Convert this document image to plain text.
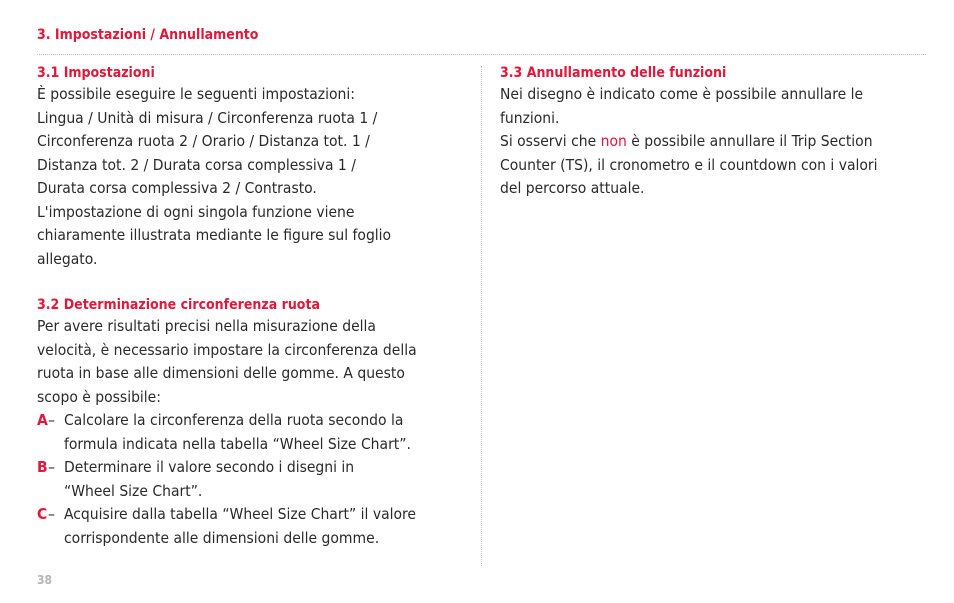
3. Impostazioni / Annullamento
3.1 Impostazioni

È possibile eseguire le seguenti impostazioni:

Lingua / Unità di misura / Circonferenza ruota 1 /

Circonferenza ruota 2 / Orario / Distanza tot. 1 /

Distanza tot. 2 / Durata corsa complessiva 1 /

Durata corsa complessiva 2 / Contrasto.

L'impostazione di ogni singola funzione viene

chiaramente illustrata mediante le figure sul foglio

allegato.

3.2 Determinazione circonferenza ruota

Per avere risultati precisi nella misurazione della

velocità, è necessario impostare la circonferenza della

ruota in base alle dimensioni delle gomme. A questo

scopo è possibile:

A – Calcolare la circonferenza della ruota secondo la
formula indicata nella tabella “Wheel Size Chart”.
B – Determinare il valore secondo i disegni in
“Wheel Size Chart”.
C – Acquisire dalla tabella “Wheel Size Chart” il valore
corrispondente alle dimensioni delle gomme.
3.3 Annullamento delle funzioni

Nei disegno è indicato come è possibile annullare le

funzioni.

Si osservi che non è possibile annullare il Trip Section

Counter (TS), il cronometro e il countdown con i valori

del percorso attuale.

38
